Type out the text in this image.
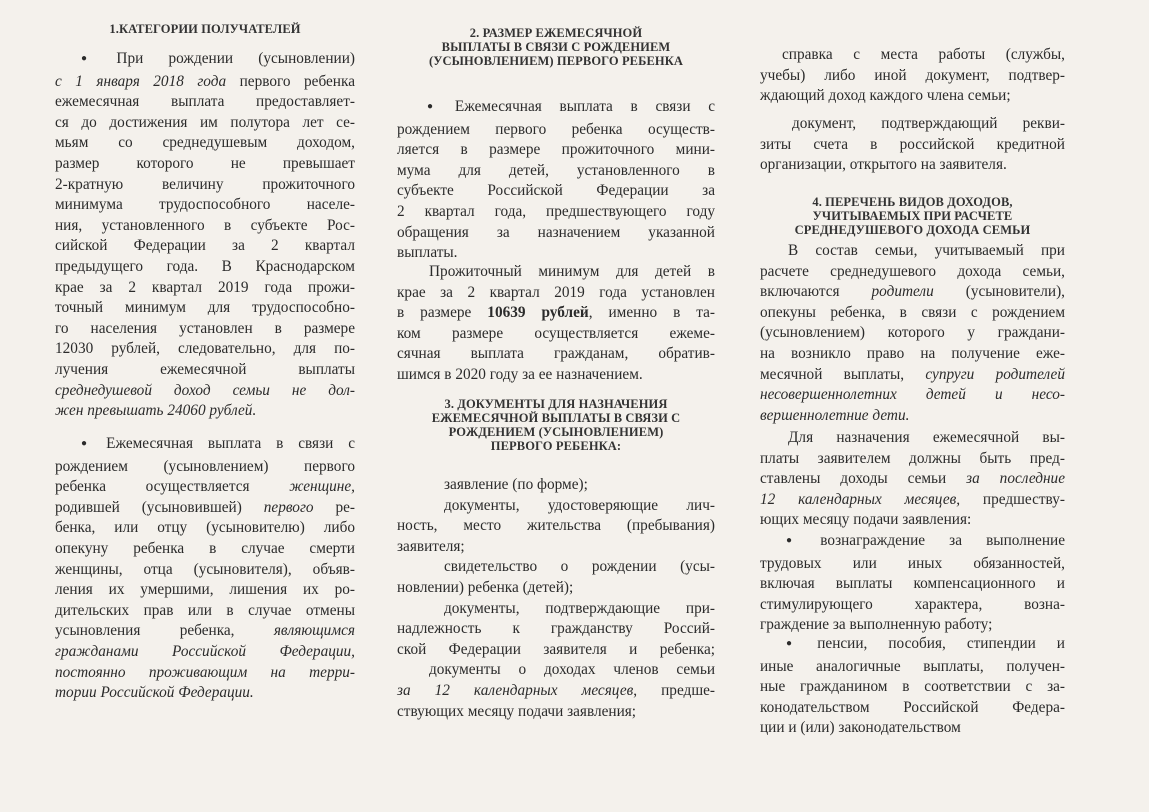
1.КАТЕГОРИИ ПОЛУЧАТЕЛЕЙ

● При рождении (усыновлении)
с 1 января 2018 года первого ребенка
ежемесячная выплата предоставляет-
ся до достижения им полутора лет се-
мьям со среднедушевым доходом,
размер которого не превышает
2-кратную величину прожиточного
минимума трудоспособного населе-
ния, установленного в субъекте Рос-
сийской Федерации за 2 квартал
предыдущего года. В Краснодарском
крае за 2 квартал 2019 года прожи-
точный минимум для трудоспособно-
го населения установлен в размере
12030 рублей, следовательно, для по-
лучения ежемесячной выплаты
среднедушевой доход семьи не дол-
жен превышать 24060 рублей.

● Ежемесячная выплата в связи с
рождением (усыновлением) первого
ребенка осуществляется женщине,
родившей (усыновившей) первого ре-
бенка, или отцу (усыновителю) либо
опекуну ребенка в случае смерти
женщины, отца (усыновителя), объяв-
ления их умершими, лишения их ро-
дительских прав или в случае отмены
усыновления ребенка, являющимся
гражданами Российской Федерации,
постоянно проживающим на терри-
тории Российской Федерации.

2. РАЗМЕР ЕЖЕМЕСЯЧНОЙ
ВЫПЛАТЫ В СВЯЗИ С РОЖДЕНИЕМ
(УСЫНОВЛЕНИЕМ) ПЕРВОГО РЕБЕНКА

● Ежемесячная выплата в связи с
рождением первого ребенка осуществ-
ляется в размере прожиточного мини-
мума для детей, установленного в
субъекте Российской Федерации за
2 квартал года, предшествующего году
обращения за назначением указанной
выплаты.

Прожиточный минимум для детей в
крае за 2 квартал 2019 года установлен
в размере 10639 рублей, именно в та-
ком размере осуществляется ежеме-
сячная выплата гражданам, обратив-
шимся в 2020 году за ее назначением.

3. ДОКУМЕНТЫ ДЛЯ НАЗНАЧЕНИЯ
ЕЖЕМЕСЯЧНОЙ ВЫПЛАТЫ В СВЯЗИ С
РОЖДЕНИЕМ (УСЫНОВЛЕНИЕМ)
ПЕРВОГО РЕБЕНКА:

заявление (по форме);
документы, удостоверяющие лич-
ность, место жительства (пребывания)
заявителя;
свидетельство о рождении (усы-
новлении) ребенка (детей);
документы, подтверждающие при-
надлежность к гражданству Россий-
ской Федерации заявителя и ребенка;
документы о доходах членов семьи
за 12 календарных месяцев, предше-
ствующих месяцу подачи заявления;

справка с места работы (службы,
учебы) либо иной документ, подтвер-
ждающий доход каждого члена семьи;

документ, подтверждающий рекви-
зиты счета в российской кредитной
организации, открытого на заявителя.

4. ПЕРЕЧЕНЬ ВИДОВ ДОХОДОВ,
УЧИТЫВАЕМЫХ ПРИ РАСЧЕТЕ
СРЕДНЕДУШЕВОГО ДОХОДА СЕМЬИ

В состав семьи, учитываемый при
расчете среднедушевого дохода семьи,
включаются родители (усыновители),
опекуны ребенка, в связи с рождением
(усыновлением) которого у граждани-
на возникло право на получение еже-
месячной выплаты, супруги родителей
несовершеннолетних детей и несо-
вершеннолетние дети.

Для назначения ежемесячной вы-
платы заявителем должны быть пред-
ставлены доходы семьи за последние
12 календарных месяцев, предшеству-
ющих месяцу подачи заявления:

● вознаграждение за выполнение
трудовых или иных обязанностей,
включая выплаты компенсационного и
стимулирующего характера, возна-
граждение за выполненную работу;

● пенсии, пособия, стипендии и
иные аналогичные выплаты, получен-
ные гражданином в соответствии с за-
конодательством Российской Федера-
ции и (или) законодательством
